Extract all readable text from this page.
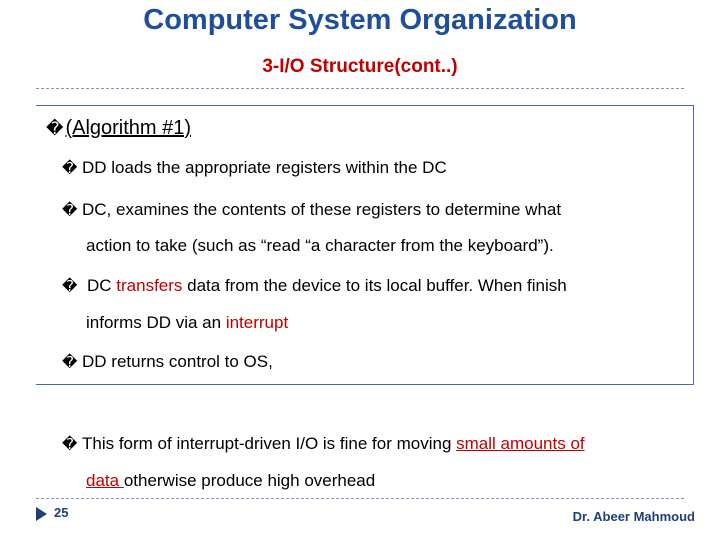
Computer System Organization
3-I/O Structure(cont..)
� (Algorithm #1)
� DD loads the appropriate registers within the DC
� DC, examines the contents of these registers to determine what
action to take (such as “read “a character from the keyboard”).
� DC transfers data from the device to its local buffer. When finish
informs DD via an interrupt
� DD returns control to OS,
� This form of interrupt-driven I/O is fine for moving small amounts of
data otherwise produce high overhead
25	Dr. Abeer Mahmoud
